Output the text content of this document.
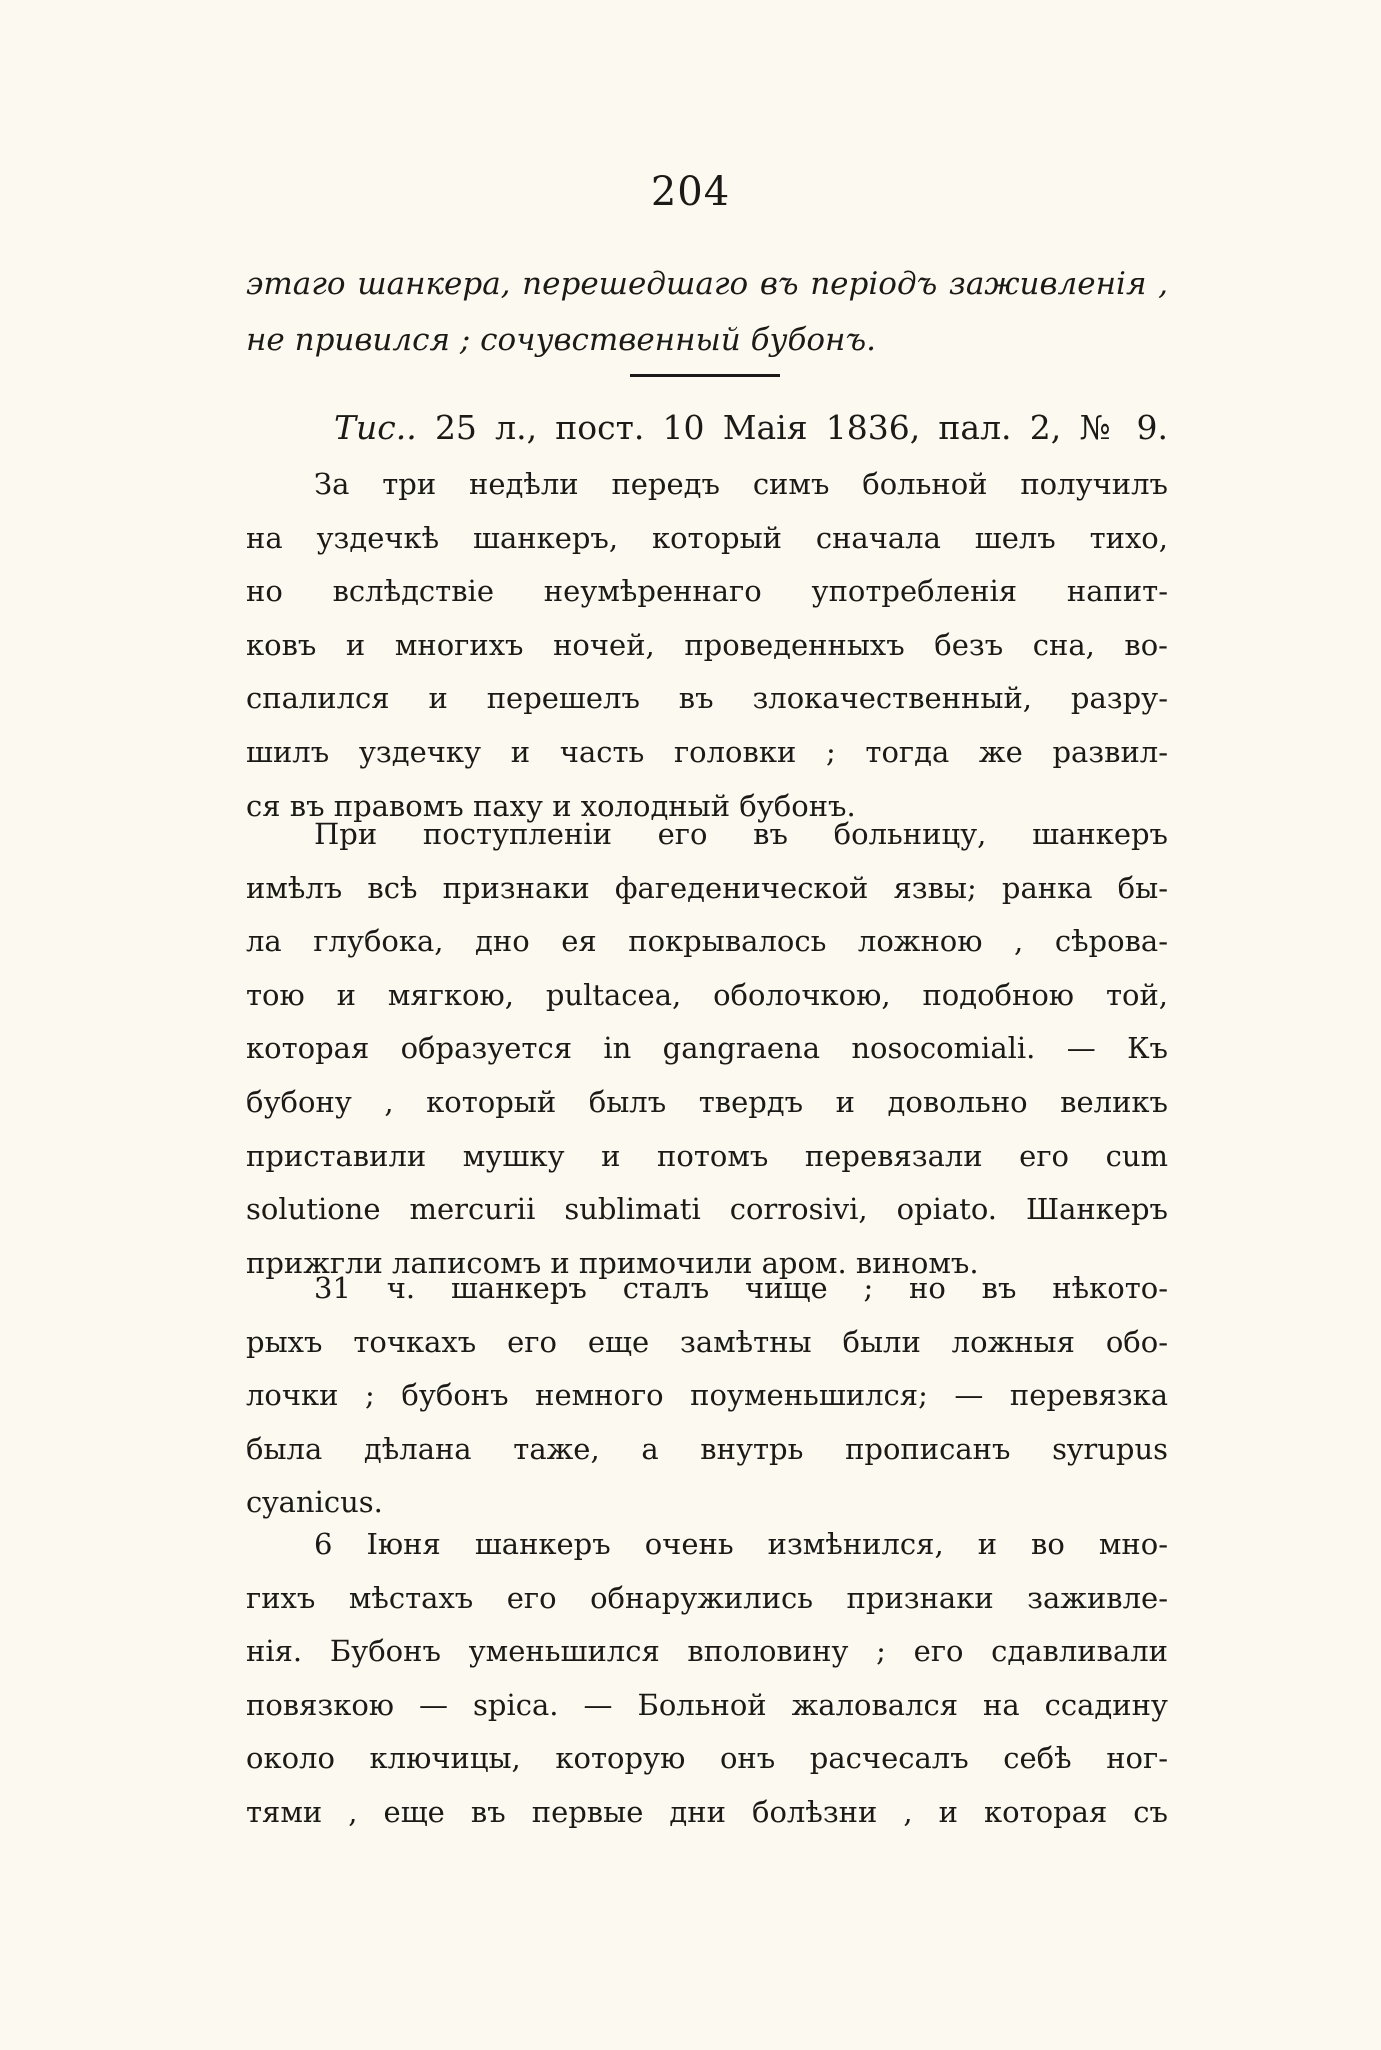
204
этаго шанкера, перешедшаго въ періодъ заживленія ,
не привился ; сочувственный бубонъ.
Тис.. 25 л., пост. 10 Маія 1836, пал. 2, № 9.
За три недѣли передъ симъ больной получилъ
на уздечкѣ шанкеръ, который сначала шелъ тихо,
но вслѣдствіе неумѣреннаго употребленія напит-
ковъ и многихъ ночей, проведенныхъ безъ сна, во-
спалился и перешелъ въ злокачественный, разру-
шилъ уздечку и часть головки ; тогда же развил-
ся въ правомъ паху и холодный бубонъ.
При поступленіи его въ больницу, шанкеръ
имѣлъ всѣ признаки фагеденической язвы; ранка бы-
ла глубока, дно ея покрывалось ложною , сѣрова-
тою и мягкою, pultacea, оболочкою, подобною той,
которая образуется in gangraena nosocomiali. — Къ
бубону , который былъ твердъ и довольно великъ
приставили мушку и потомъ перевязали его cum
solutione mercurii sublimati corrosivi, opiato. Шанкеръ
прижгли лаписомъ и примочили аром. виномъ.
31 ч. шанкеръ сталъ чище ; но въ нѣкото-
рыхъ точкахъ его еще замѣтны были ложныя обо-
лочки ; бубонъ немного поуменьшился; — перевязка
была дѣлана таже, а внутрь прописанъ syrupus
cyanicus.
6 Іюня шанкеръ очень измѣнился, и во мно-
гихъ мѣстахъ его обнаружились признаки заживле-
нія. Бубонъ уменьшился вполовину ; его сдавливали
повязкою — spica. — Больной жаловался на ссадину
около ключицы, которую онъ расчесалъ себѣ ног-
тями , еще въ первые дни болѣзни , и которая съ
